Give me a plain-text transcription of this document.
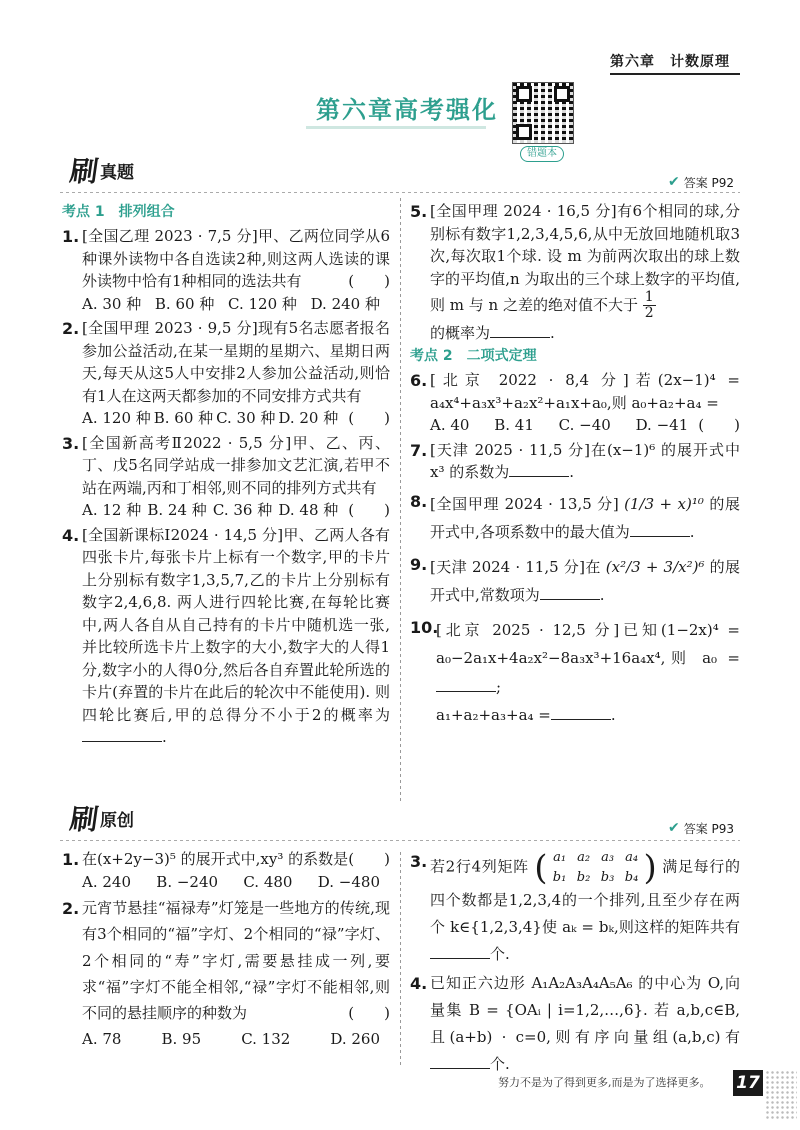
第六章　计数原理
第六章高考强化
错题本
刷 真题	✔ 答案 P92
考点 1　排列组合
1. [全国乙理 2023 · 7,5 分]甲、乙两位同学从6种课外读物中各自选读2种,则这两人选读的课外读物中恰有1种相同的选法共有	(　　)
A. 30 种 B. 60 种 C. 120 种 D. 240 种
2. [全国甲理 2023 · 9,5 分]现有5名志愿者报名参加公益活动,在某一星期的星期六、星期日两天,每天从这5人中安排2人参加公益活动,则恰有1人在这两天都参加的不同安排方式共有
(　　)
A. 120 种 B. 60 种 C. 30 种 D. 20 种
3. [全国新高考Ⅱ2022 · 5,5 分]甲、乙、丙、丁、戊5名同学站成一排参加文艺汇演,若甲不站在两端,丙和丁相邻,则不同的排列方式共有
(　　)
A. 12 种 B. 24 种 C. 36 种 D. 48 种
4. [全国新课标Ⅰ2024 · 14,5 分]甲、乙两人各有四张卡片,每张卡片上标有一个数字,甲的卡片上分别标有数字1,3,5,7,乙的卡片上分别标有数字2,4,6,8. 两人进行四轮比赛,在每轮比赛中,两人各自从自己持有的卡片中随机选一张,并比较所选卡片上数字的大小,数字大的人得1分,数字小的人得0分,然后各自弃置此轮所选的卡片(弃置的卡片在此后的轮次中不能使用). 则四轮比赛后,甲的总得分不小于2的概率为.
5. [全国甲理 2024 · 16,5 分]有6个相同的球,分别标有数字1,2,3,4,5,6,从中无放回地随机取3次,每次取1个球. 设 m 为前两次取出的球上数字的平均值,n 为取出的三个球上数字的平均值,则 m 与 n 之差的绝对值不大于 $\frac{1}{2}$

的概率为	.
考点 2　二项式定理
6. [北京 2022 · 8,4 分]若(2x−1)⁴ = a₄x⁴+a₃x³+a₂x²+a₁x+a₀,则 a₀+a₂+a₄ =
(　　)
A. 40 B. 41 C. −40 D. −41
7. [天津 2025 · 11,5 分]在(x−1)⁶ 的展开式中 x³ 的系数为	.
8. [全国甲理 2024 · 13,5 分] (1/3 + x)¹⁰ 的展开式中,各项系数中的最大值为	.
9. [天津 2024 · 11,5 分]在 (x²/3 + 3/x²)⁶ 的展开式中,常数项为	.
10.
[北京 2025 · 12,5 分]已知(1−2x)⁴ = a₀−2a₁x+4a₂x²−8a₃x³+16a₄x⁴,则 a₀ =;
a₁+a₂+a₃+a₄ =	.
刷 原创	✔ 答案 P93
1. 在(x+2y−3)⁵ 的展开式中,xy³ 的系数是 (　　)
A. 240 B. −240 C. 480 D. −480
2. 元宵节悬挂“福禄寿”灯笼是一些地方的传统,现有3个相同的“福”字灯、2个相同的“禄”字灯、2个相同的“寿”字灯,需要悬挂成一列,要求“福”字灯不能全相邻,“禄”字灯不能相邻,则不同的悬挂顺序的种数为	(　　)
A. 78	B. 95	C. 132	D. 260
3. 若2行4列矩阵 ( a₁ a₂ a₃ a₄
b₁ b₂ b₃ b₄ ) 满足每行的四个数都是1,2,3,4的一个排列,且至少存在两个 k∈{1,2,3,4}使 aₖ = bₖ,则这样的矩阵共有个.
4. 已知正六边形 A₁A₂A₃A₄A₅A₆ 的中心为 O,向量集 B = {OAᵢ | i=1,2,…,6}. 若 a,b,c∈B,且(a+b) · c=0,则有序向量组(a,b,c)有个.
努力不是为了得到更多,而是为了选择更多。 17
